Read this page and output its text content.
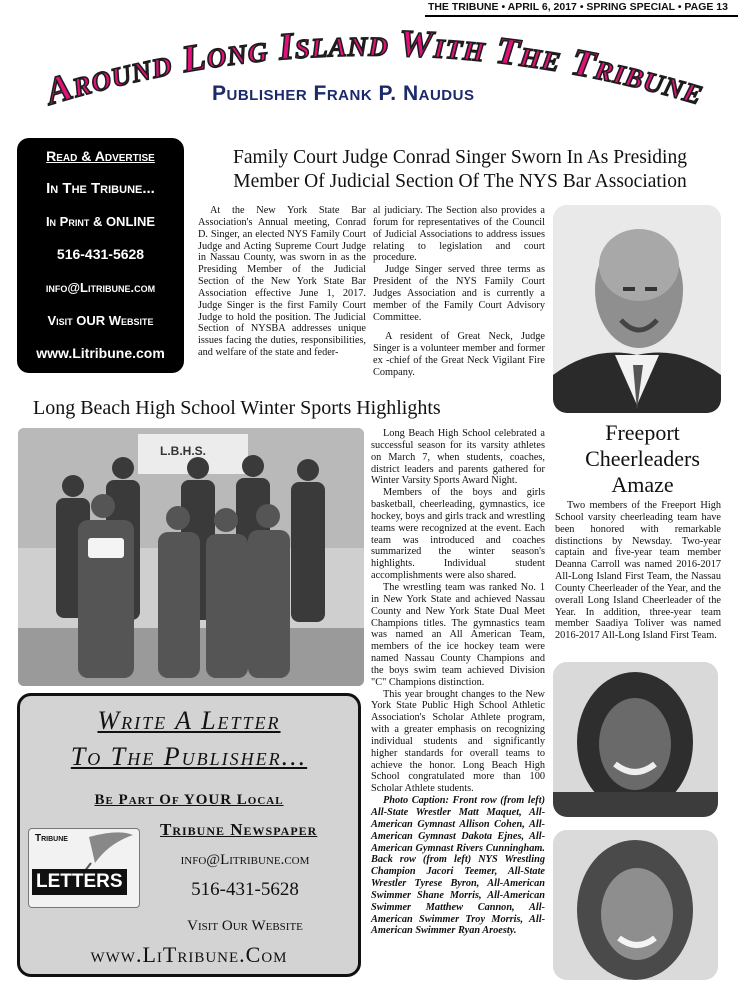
THE TRIBUNE • APRIL 6, 2017 • SPRING SPECIAL • PAGE 13
Around Long Island With The Tribune
Publisher Frank P. Naudus
Read & Advertise
In The Tribune...
In Print & ONLINE
516-431-5628
info@Litribune.com
Visit OUR Website
www.Litribune.com
Family Court Judge Conrad Singer Sworn In As Presiding
Member Of Judicial Section Of The NYS Bar Association

At the New York State Bar Association's Annual meeting, Conrad D. Singer, an elected NYS Family Court Judge and Acting Supreme Court Judge in Nassau County, was sworn in as the Presiding Member of the Judicial Section of the New York State Bar Association effective June 1, 2017. Judge Singer is the first Family Court Judge to hold the position. The Judicial Section of NYSBA addresses unique issues facing the duties, responsibilities, and welfare of the state and feder-

al judiciary. The Section also provides a forum for representatives of the Council of Judicial Associations to address issues relating to legislation and court procedure.

Judge Singer served three terms as President of the NYS Family Court Judges Association and is currently a member of the Family Court Advisory Committee.

A resident of Great Neck, Judge Singer is a volunteer member and former ex -chief of the Great Neck Vigilant Fire Company.

Long Beach High School Winter Sports Highlights
L.B.H.S.

Long Beach High School celebrated a successful season for its varsity athletes on March 7, when students, coaches, district leaders and parents gathered for Winter Varsity Sports Award Night.

Members of the boys and girls basketball, cheerleading, gymnastics, ice hockey, boys and girls track and wrestling teams were recognized at the event. Each team was introduced and coaches summarized the winter season's highlights. Individual student accomplishments were also shared.

The wrestling team was ranked No. 1 in New York State and achieved Nassau County and New York State Dual Meet Champions titles. The gymnastics team was named an All American Team, members of the ice hockey team were named Nassau County Champions and the boys swim team achieved Division "C" Champions distinction.

This year brought changes to the New York State Public High School Athletic Association's Scholar Athlete program, with a greater emphasis on recognizing individual students and significantly higher standards for overall teams to achieve the honor. Long Beach High School congratulated more than 100 Scholar Athlete students.

Photo Caption: Front row (from left) All-State Wrestler Matt Maquet, All-American Gymnast Allison Cohen, All-American Gymnast Dakota Ejnes, All-American Gymnast Rivers Cunningham. Back row (from left) NYS Wrestling Champion Jacori Teemer, All-State Wrestler Tyrese Byron, All-American Swimmer Shane Morris, All-American Swimmer Matthew Cannon, All-American Swimmer Troy Morris, All-American Swimmer Ryan Aroesty.

Freeport
Cheerleaders
Amaze

Two members of the Freeport High School varsity cheerleading team have been honored with remarkable distinctions by Newsday. Two-year captain and five-year team member Deanna Carroll was named 2016-2017 All-Long Island First Team, the Nassau County Cheerleader of the Year, and the overall Long Island Cheerleader of the Year. In addition, three-year team member Saadiya Toliver was named 2016-2017 All-Long Island First Team.

Write A Letter
To The Publisher...
Be Part Of YOUR Local
Tribune
LETTERS
Tribune Newspaper
info@Litribune.com
516-431-5628
Visit Our Website
www.LiTribune.Com
